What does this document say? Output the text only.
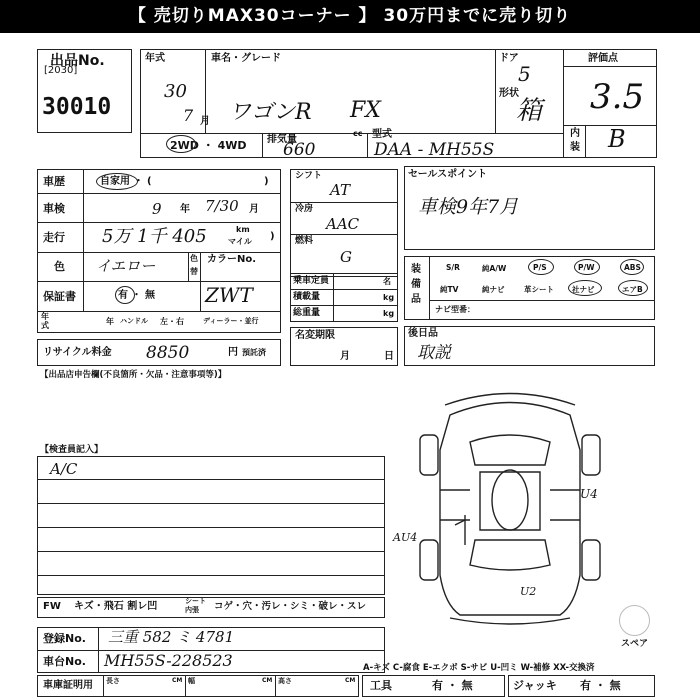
【 売切りMAX30コーナー 】 30万円までに売り切り
出品No.
[2030]
30010
年式
30
7 月
車名・グレード
ワゴンR FX
ドア
5
形状
箱
評価点
3.5
内
装 B
2WD ・ 4WD 排気量
cc
660
型式
DAA - MH55S
車歴	自家用 ・ (	)
車検	9 年 7/30 月
走行 5万 1千 405	km
マイル )
色 イエロー	色
替
カラーNo.
ZWT
保証書	有 ・ 無
年
式	年 ハンドル 左・右	ディーラー・並行
リサイクル料金 8850	円 預託済
【出品店申告欄(不良箇所・欠品・注意事項等)】
シフト
AT
冷房
AAC
燃料
G
乗車定員	名
積載量	kg
総重量	kg
名変期限
月	日
セールスポイント
車検9年7月
装
備
品
S/R	純A/W	P/S	P/W	ABS
純TV	純ナビ	革シート 社ナビ	エアB
ナビ型番：
後日品
取説
【検査員記入】
A/C
U4
AU4
U2
スペア
FW キズ・飛石 割レ凹	シート
内張 コゲ・穴・汚レ・シミ・破レ・スレ
登録No. 三重 582 ミ 4781
車台No. MH55S-228523	A-キズ C-腐食 E-エクボ S-サビ U-凹ミ W-補修 XX-交換済
車庫証明用 長さ	CM 幅	CM 高さ	CM 工具	有 ・ 無	ジャッキ 有 ・ 無
